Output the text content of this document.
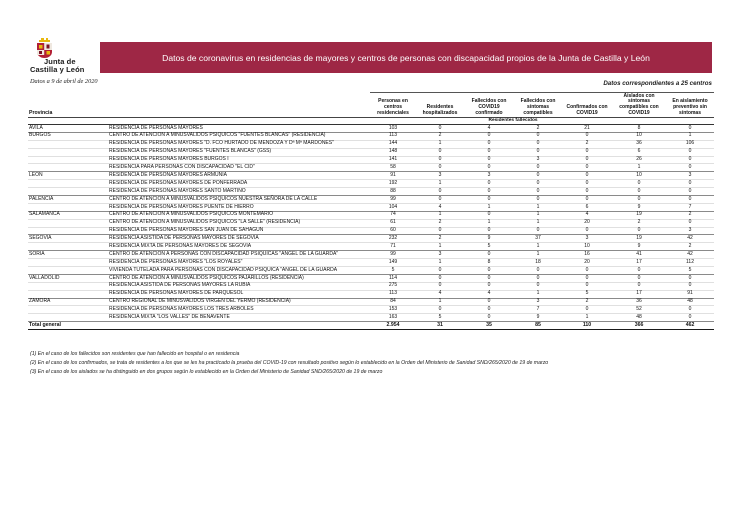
Junta de
Castilla y León
Datos a 9 de abril de 2020
Datos de coronavirus en residencias de mayores y centros de personas con discapacidad propios de la Junta de Castilla y León
Datos correspondientes a 25 centros
Provincia		Personas en centros residenciales	Residentes hospitalizados	Fallecidos con COVID19 confirmado	Fallecidos con síntomas compatibles	Confirmados con COVID19	Aislados con síntomas compatibles con COVID19	En aislamiento preventivo sin síntomas
				Residentes fallecidos				
AVILA	RESIDENCIA DE PERSONAS MAYORES	103	0	4	2	21	8	0
BURGOS	CENTRO DE ATENCION A MINUSVALIDOS PSIQUICOS "FUENTES BLANCAS" (RESIDENCIA)	113	2	0	0	0	10	1
	RESIDENCIA DE PERSONAS MAYORES "D. FCO HURTADO DE MENDOZA Y Dª Mª MARDONES"	144	1	0	0	2	36	106
	RESIDENCIA DE PERSONAS MAYORES "FUENTES BLANCAS" (GSS)	148	0	0	0	0	6	0
	RESIDENCIA DE PERSONAS MAYORES BURGOS I	141	0	0	3	0	26	0
	RESIDENCIA PARA PERSONAS CON DISCAPACIDAD "EL CID"	58	0	0	0	0	1	0
LEON	RESIDENCIA DE PERSONAS MAYORES ARMUNIA	91	3	3	0	0	10	3
	RESIDENCIA DE PERSONAS MAYORES DE PONFERRADA	192	1	0	0	0	0	0
	RESIDENCIA DE PERSONAS MAYORES SANTO MARTINO	88	0	0	0	0	0	0
PALENCIA	CENTRO DE ATENCION A MINUSVALIDOS PSIQUICOS NUESTRA SEÑORA DE LA CALLE	99	0	0	0	0	0	0
	RESIDENCIA DE PERSONAS MAYORES PUENTE DE HIERRO	104	4	1	1	6	9	7
SALAMANCA	CENTRO DE ATENCION A MINUSVALIDOS PSIQUICOS MONTEMARIO	74	1	0	1	4	19	2
	CENTRO DE ATENCION A MINUSVALIDOS PSIQUICOS "LA SALLE" (RESIDENCIA)	61	2	1	1	20	2	0
	RESIDENCIA DE PERSONAS MAYORES SAN JUAN DE SAHAGUN	60	0	0	0	0	0	3
SEGOVIA	RESIDENCIA ASISTIDA DE PERSONAS MAYORES DE SEGOVIA	232	2	9	37	3	19	42
	RESIDENCIA MIXTA DE PERSONAS MAYORES DE SEGOVIA	71	1	5	1	10	9	2
SORIA	CENTRO DE ATENCION A PERSONAS CON DISCAPACIDAD PSIQUICAS "ANGEL DE LA GUARDA"	99	3	0	1	16	41	42
	RESIDENCIA DE PERSONAS MAYORES "LOS ROYALES"	149	1	8	18	20	17	112
	VIVIENDA TUTELADA PARA PERSONAS CON DISCAPACIDAD PSIQUICA "ANGEL DE LA GUARDA	5	0	0	0	0	0	5
VALLADOLID	CENTRO DE ATENCION A MINUSVALIDOS PSIQUICOS PAJARILLOS (RESIDENCIA)	114	0	0	0	0	0	0
	RESIDENCIA ASISTIDA DE PERSONAS MAYORES LA RUBIA	275	0	0	0	0	0	0
	RESIDENCIA DE PERSONAS MAYORES DE PARQUESOL	113	4	4	1	5	17	91
ZAMORA	CENTRO REGIONAL DE MINUSVALIDOS VIRGEN DEL YERMO (RESIDENCIA)	84	1	0	3	2	36	48
	RESIDENCIA DE PERSONAS MAYORES LOS TRES ARBOLES	153	0	0	7	0	52	0
	RESIDENCIA MIXTA "LOS VALLES" DE BENAVENTE	163	5	0	9	1	48	0
Total general		2.954	31	35	85	110	366	462
(1) En el caso de los fallecidos son residentes que han fallecido en hospital o en residencia
(2) En el caso de los confirmados, se trata de residentes a los que se les ha practicado la prueba del COVID-19 con resultado positivo según lo establecido en la Orden del Ministerio de Sanidad SND/265/2020 de 19 de marzo
(3) En el caso de los aislados se ha distinguido en dos grupos según lo establecido en la Orden del Ministerio de Sanidad SND/265/2020 de 19 de marzo
